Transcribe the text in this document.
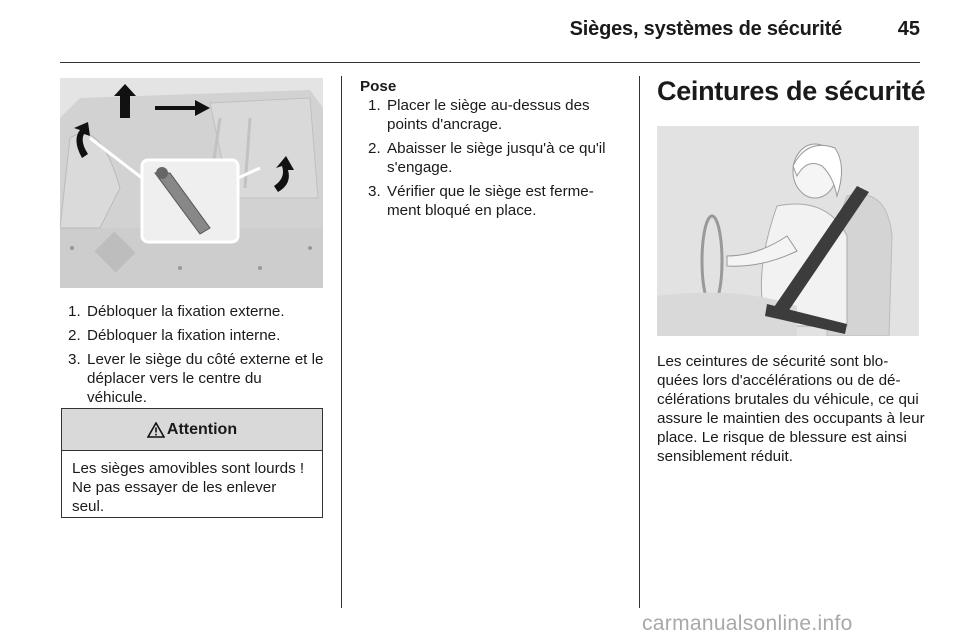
Sièges, systèmes de sécurité	45
1. Débloquer la fixation externe.
2. Débloquer la fixation interne.
3. Lever le siège du côté externe et le déplacer vers le centre du véhicule.
Attention
Les sièges amovibles sont lourds ! Ne pas essayer de les enlever seul.
Pose
1. Placer le siège au-dessus des points d'ancrage.
2. Abaisser le siège jusqu'à ce qu'il s'engage.
3. Vérifier que le siège est ferme-ment bloqué en place.
Ceintures de sécurité
Les ceintures de sécurité sont blo-quées lors d'accélérations ou de dé-célérations brutales du véhicule, ce qui assure le maintien des occupants à leur place. Le risque de blessure est ainsi sensiblement réduit.
carmanualsonline.info
